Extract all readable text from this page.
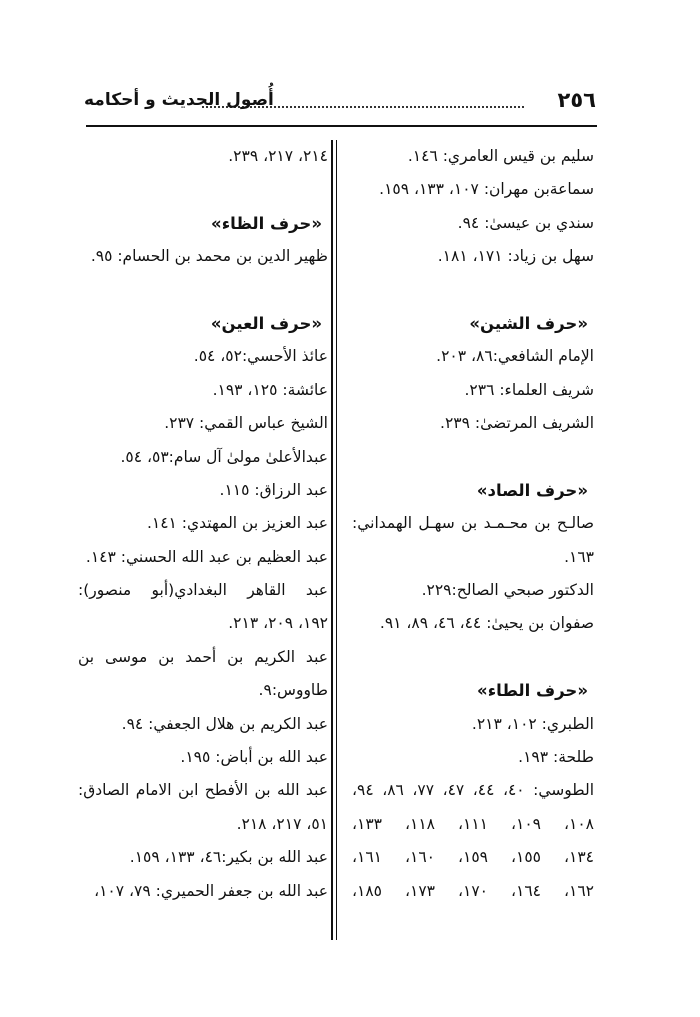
٢٥٦
أُصول الحديث و أحكامه
سليم بن قيس العامري: ١٤٦.
سماعةبن مهران: ١٠٧، ١٣٣، ١٥٩.
سندي بن عيسىٰ: ٩٤.
سهل بن زياد: ١٧١، ١٨١.
«حرف الشين»
الإمام الشافعي:٨٦، ٢٠٣.
شريف العلماء: ٢٣٦.
الشريف المرتضىٰ: ٢٣٩.
«حرف الصاد»
صالـح بن محـمـد بن سهـل الهمداني:
١٦٣.
الدكتور صبحي الصالح:٢٢٩.
صفوان بن يحيىٰ: ٤٤، ٤٦، ٨٩، ٩١.
«حرف الطاء»
الطبري: ١٠٢، ٢١٣.
طلحة: ١٩٣.
الطوسي: ٤٠، ٤٤، ٤٧، ٧٧، ٨٦، ٩٤،
١٠٨، ١٠٩، ١١١، ١١٨، ١٣٣،
١٣٤، ١٥٥، ١٥٩، ١٦٠، ١٦١،
١٦٢، ١٦٤، ١٧٠، ١٧٣، ١٨٥،
٢١٤، ٢١٧، ٢٣٩.
«حرف الظاء»
ظهير الدين بن محمد بن الحسام: ٩٥.
«حرف العين»
عائذ الأحسي:٥٢، ٥٤.
عائشة: ١٢٥، ١٩٣.
الشيخ عباس القمي: ٢٣٧.
عبدالأعلىٰ مولىٰ آل سام:٥٣، ٥٤.
عبد الرزاق: ١١٥.
عبد العزيز بن المهتدي: ١٤١.
عبد العظيم بن عبد الله الحسني: ١٤٣.
عبد القاهر البغدادي(أبو منصور):
١٩٢، ٢٠٩، ٢١٣.
عبد الكريم بن أحمد بن موسى بن
طاووس:٩.
عبد الكريم بن هلال الجعفي: ٩٤.
عبد الله بن أباض: ١٩٥.
عبد الله بن الأفطح ابن الامام الصادق:
٥١، ٢١٧، ٢١٨.
عبد الله بن بكير:٤٦، ١٣٣، ١٥٩.
عبد الله بن جعفر الحميري: ٧٩، ١٠٧،
